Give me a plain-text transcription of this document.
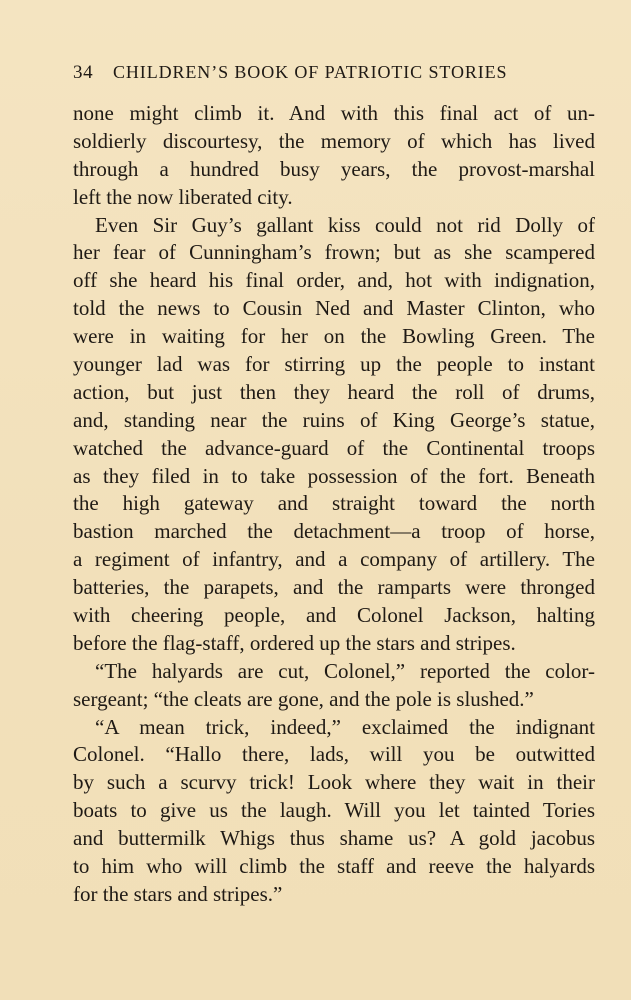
34 CHILDREN’S BOOK OF PATRIOTIC STORIES
none might climb it. And with this final act of un-
soldierly discourtesy, the memory of which has lived
through a hundred busy years, the provost-marshal
left the now liberated city.
Even Sir Guy’s gallant kiss could not rid Dolly of
her fear of Cunningham’s frown; but as she scampered
off she heard his final order, and, hot with indignation,
told the news to Cousin Ned and Master Clinton, who
were in waiting for her on the Bowling Green. The
younger lad was for stirring up the people to instant
action, but just then they heard the roll of drums,
and, standing near the ruins of King George’s statue,
watched the advance-guard of the Continental troops
as they filed in to take possession of the fort. Beneath
the high gateway and straight toward the north
bastion marched the detachment—a troop of horse,
a regiment of infantry, and a company of artillery. The
batteries, the parapets, and the ramparts were thronged
with cheering people, and Colonel Jackson, halting
before the flag-staff, ordered up the stars and stripes.
“The halyards are cut, Colonel,” reported the color-
sergeant; “the cleats are gone, and the pole is slushed.”
“A mean trick, indeed,” exclaimed the indignant
Colonel. “Hallo there, lads, will you be outwitted
by such a scurvy trick! Look where they wait in their
boats to give us the laugh. Will you let tainted Tories
and buttermilk Whigs thus shame us? A gold jacobus
to him who will climb the staff and reeve the halyards
for the stars and stripes.”
